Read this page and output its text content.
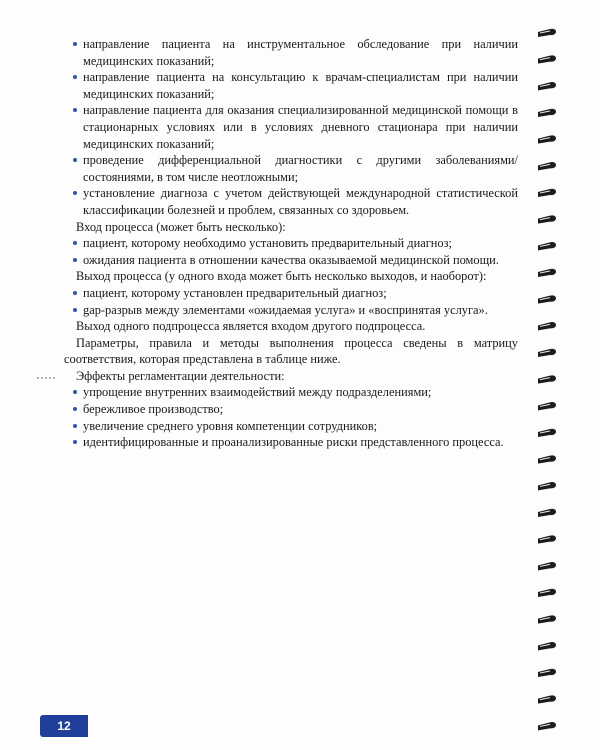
направление пациента на инструментальное обследование при наличии медицинских показаний;

направление пациента на консультацию к врачам-специалистам при наличии медицинских показаний;

направление пациента для оказания специализированной медицинской помощи в стационарных условиях или в условиях дневного стационара при наличии медицинских показаний;

проведение дифференциальной диагностики с другими заболеваниями/состояниями, в том числе неотложными;

установление диагноза с учетом действующей международной статистической классификации болезней и проблем, связанных со здоровьем.

Вход процесса (может быть несколько):

пациент, которому необходимо установить предварительный диагноз;

ожидания пациента в отношении качества оказываемой медицинской помощи.

Выход процесса (у одного входа может быть несколько выходов, и наоборот):

пациент, которому установлен предварительный диагноз;

gap-разрыв между элементами «ожидаемая услуга» и «воспринятая услуга».

Выход одного подпроцесса является входом другого подпроцесса.

Параметры, правила и методы выполнения процесса сведены в матрицу соответствия, которая представлена в таблице ниже.

Эффекты регламентации деятельности:

упрощение внутренних взаимодействий между подразделениями;

бережливое производство;

увеличение среднего уровня компетенции сотрудников;

идентифицированные и проанализированные риски представленного процесса.

12
